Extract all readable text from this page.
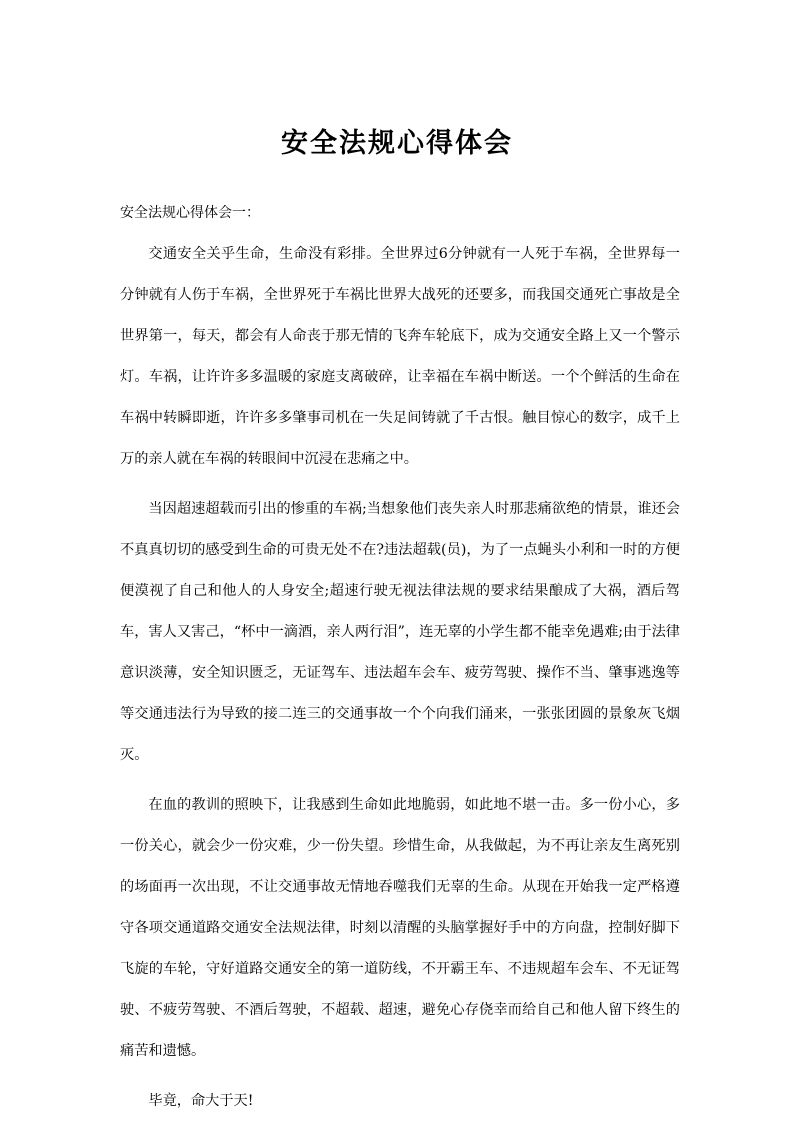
安全法规心得体会

安全法规心得体会一：

交通安全关乎生命，生命没有彩排。全世界过6分钟就有一人死于车祸，全世界每一分钟就有人伤于车祸，全世界死于车祸比世界大战死的还要多，而我国交通死亡事故是全世界第一，每天，都会有人命丧于那无情的飞奔车轮底下，成为交通安全路上又一个警示灯。车祸，让许许多多温暖的家庭支离破碎，让幸福在车祸中断送。一个个鲜活的生命在车祸中转瞬即逝，许许多多肇事司机在一失足间铸就了千古恨。触目惊心的数字，成千上万的亲人就在车祸的转眼间中沉浸在悲痛之中。

当因超速超载而引出的惨重的车祸;当想象他们丧失亲人时那悲痛欲绝的情景，谁还会不真真切切的感受到生命的可贵无处不在?违法超载(员)，为了一点蝇头小利和一时的方便便漠视了自己和他人的人身安全;超速行驶无视法律法规的要求结果酿成了大祸，酒后驾车，害人又害己，“杯中一滴酒，亲人两行泪”，连无辜的小学生都不能幸免遇难;由于法律意识淡薄，安全知识匮乏，无证驾车、违法超车会车、疲劳驾驶、操作不当、肇事逃逸等等交通违法行为导致的接二连三的交通事故一个个向我们涌来，一张张团圆的景象灰飞烟灭。

在血的教训的照映下，让我感到生命如此地脆弱，如此地不堪一击。多一份小心，多一份关心，就会少一份灾难，少一份失望。珍惜生命，从我做起，为不再让亲友生离死别的场面再一次出现，不让交通事故无情地吞噬我们无辜的生命。从现在开始我一定严格遵守各项交通道路交通安全法规法律，时刻以清醒的头脑掌握好手中的方向盘，控制好脚下飞旋的车轮，守好道路交通安全的第一道防线，不开霸王车、不违规超车会车、不无证驾驶、不疲劳驾驶、不酒后驾驶，不超载、超速，避免心存侥幸而给自己和他人留下终生的痛苦和遗憾。

毕竟，命大于天!
